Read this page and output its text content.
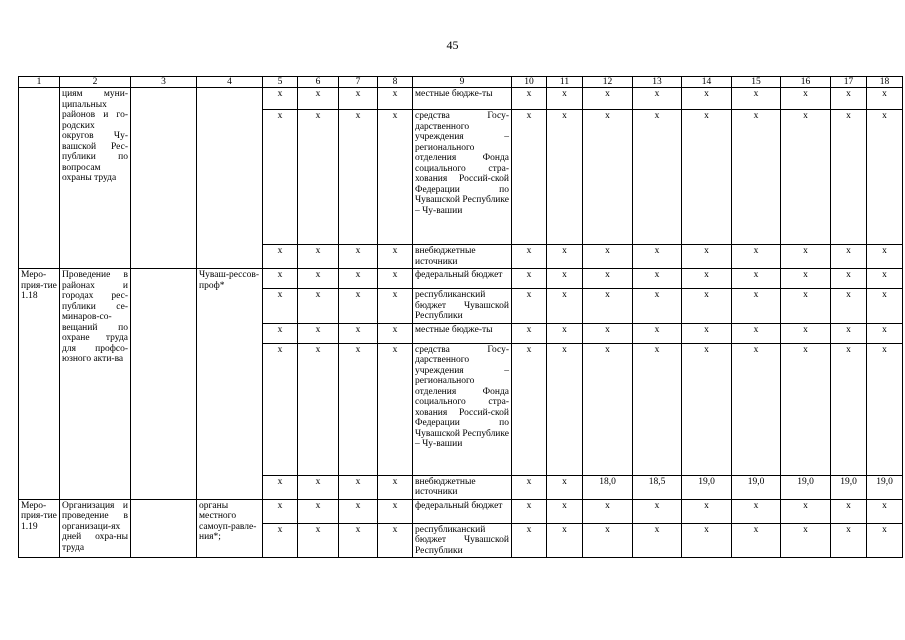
45
1	2	3	4	5	6	7	8	9	10	11	12	13	14	15	16	17	18
	циям муни-ципальных районов и го-родских округов Чу-вашской Рес-публики по вопросам охраны труда			х	х	х	х	местные бюдже-ты	х	х	х	х	х	х	х	х	х
				х	х	х	х	средства Госу-дарственного учреждения – регионального отделения Фонда социального стра-хования Россий-ской Федерации по Чувашской Республике – Чу-вашии	х	х	х	х	х	х	х	х	х
				х	х	х	х	внебюджетные источники	х	х	х	х	х	х	х	х	х
Меро-прия-тие 1.18	Проведение в районах и городах рес-публики се-минаров-со-вещаний по охране труда для профсо-юзного акти-ва		Чуваш-рессов-проф*	х	х	х	х	федеральный бюджет	х	х	х	х	х	х	х	х	х
				х	х	х	х	республиканский бюджет Чувашской Республики	х	х	х	х	х	х	х	х	х
				х	х	х	х	местные бюдже-ты	х	х	х	х	х	х	х	х	х
				х	х	х	х	средства Госу-дарственного учреждения – регионального отделения Фонда социального стра-хования Россий-ской Федерации по Чувашской Республике – Чу-вашии	х	х	х	х	х	х	х	х	х
				х	х	х	х	внебюджетные источники	х	х	18,0	18,5	19,0	19,0	19,0	19,0	19,0
Меро-прия-тие 1.19	Организация и проведение в организаци-ях дней охра-ны труда		органы местного самоуп-равле-ния*;	х	х	х	х	федеральный бюджет	х	х	х	х	х	х	х	х	х
				х	х	х	х	республиканский бюджет Чувашской Республики	х	х	х	х	х	х	х	х	х
